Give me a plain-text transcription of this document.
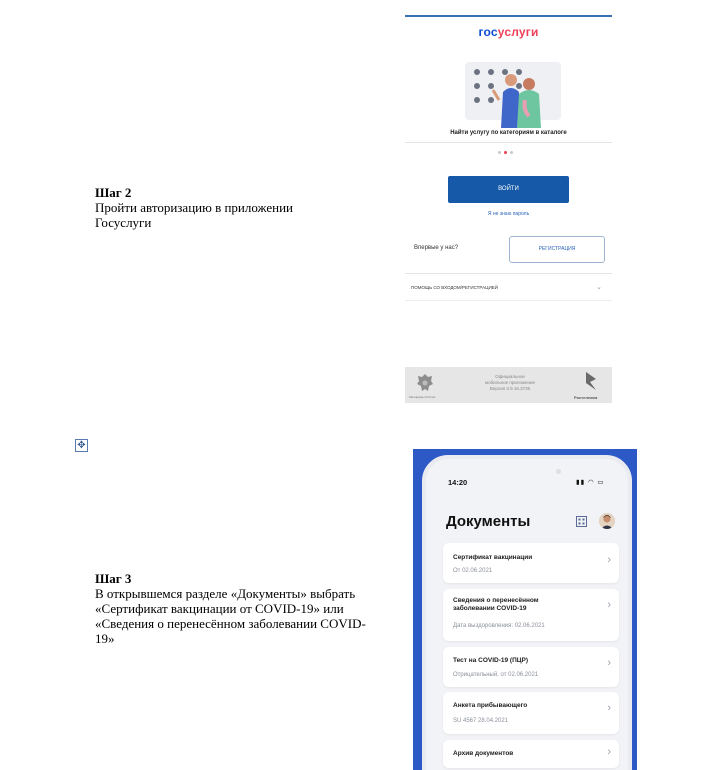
Шаг 2
Пройти авторизацию в приложении Госуслуги
✥
Шаг 3
В открывшемся разделе «Документы» выбрать «Сертификат вакцинации от COVID-19» или «Сведения о перенесённом заболевании COVID-19»
госуслуги
Найти услугу по категориям в каталоге
ВОЙТИ
Я не знаю пароль
Впервые у нас?	РЕГИСТРАЦИЯ
ПОМОЩЬ СО ВХОДОМ/РЕГИСТРАЦИЕЙ	⌄
Минцифры России
Официальное
мобильное приложение
Версия 3.9.16.3736
Ростелеком
14:20	▮▮ ◠ ▭
Документы
Сертификат вакцинации
От 02.06.2021
›
Сведения о перенесённом заболевании COVID-19
Дата выздоровления: 02.06.2021
›
Тест на COVID-19 (ПЦР)
Отрицательный, от 02.06.2021
›
Анкета прибывающего
SU 4567 28.04.2021
›
Архив документов	›
